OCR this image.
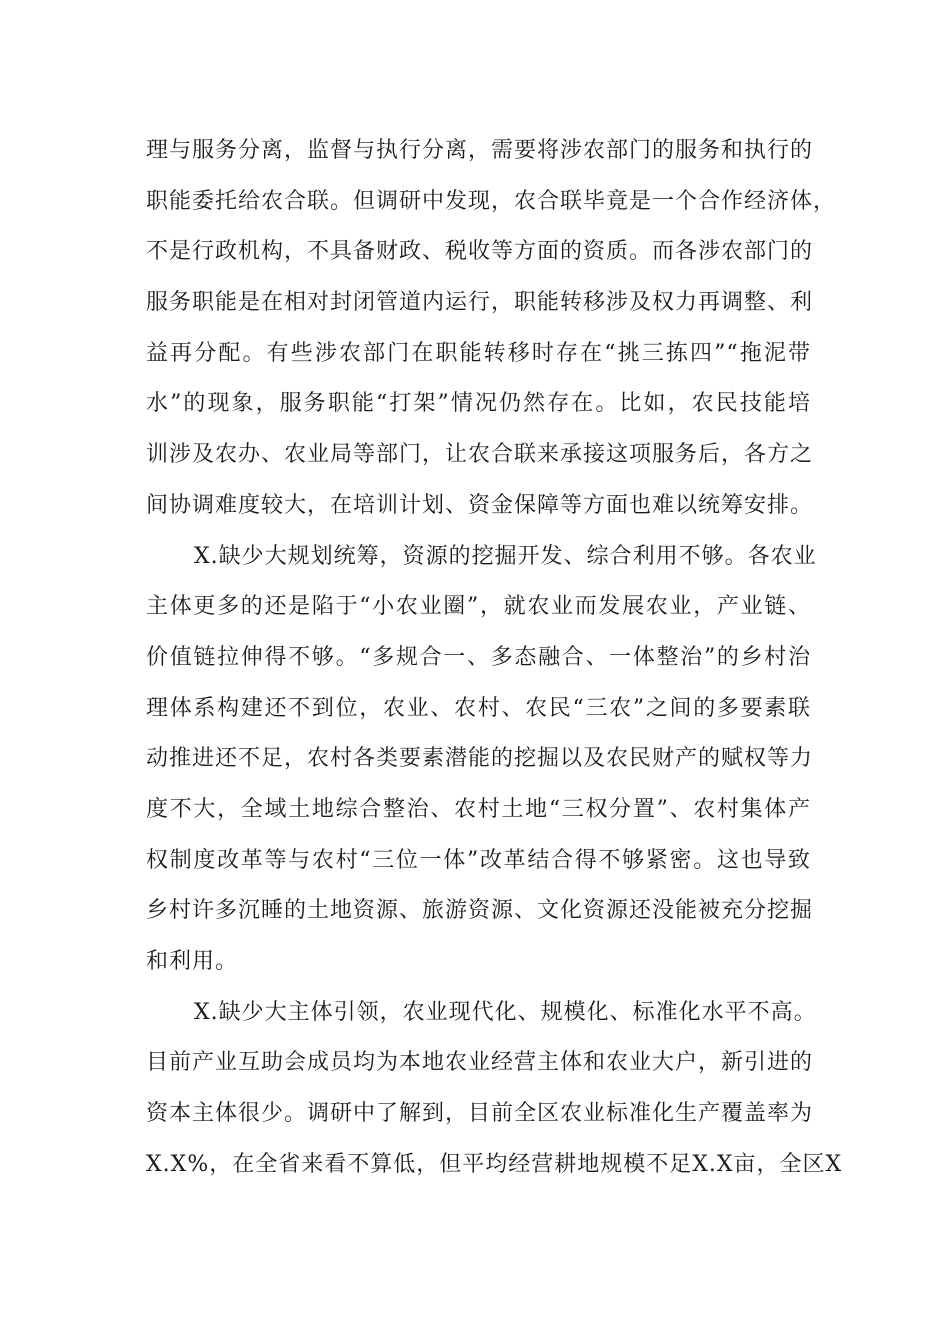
理与服务分离，监督与执行分离，需要将涉农部门的服务和执行的
职能委托给农合联。但调研中发现，农合联毕竟是一个合作经济体，
不是行政机构，不具备财政、税收等方面的资质。而各涉农部门的
服务职能是在相对封闭管道内运行，职能转移涉及权力再调整、利
益再分配。有些涉农部门在职能转移时存在“挑三拣四”“拖泥带
水”的现象，服务职能“打架”情况仍然存在。比如，农民技能培
训涉及农办、农业局等部门，让农合联来承接这项服务后，各方之
间协调难度较大，在培训计划、资金保障等方面也难以统筹安排。
X.缺少大规划统筹，资源的挖掘开发、综合利用不够。各农业
主体更多的还是陷于“小农业圈”，就农业而发展农业，产业链、
价值链拉伸得不够。“多规合一、多态融合、一体整治”的乡村治
理体系构建还不到位，农业、农村、农民“三农”之间的多要素联
动推进还不足，农村各类要素潜能的挖掘以及农民财产的赋权等力
度不大，全域土地综合整治、农村土地“三权分置”、农村集体产
权制度改革等与农村“三位一体”改革结合得不够紧密。这也导致
乡村许多沉睡的土地资源、旅游资源、文化资源还没能被充分挖掘
和利用。
X.缺少大主体引领，农业现代化、规模化、标准化水平不高。
目前产业互助会成员均为本地农业经营主体和农业大户，新引进的
资本主体很少。调研中了解到，目前全区农业标准化生产覆盖率为
X.X%，在全省来看不算低，但平均经营耕地规模不足X.X亩，全区X
